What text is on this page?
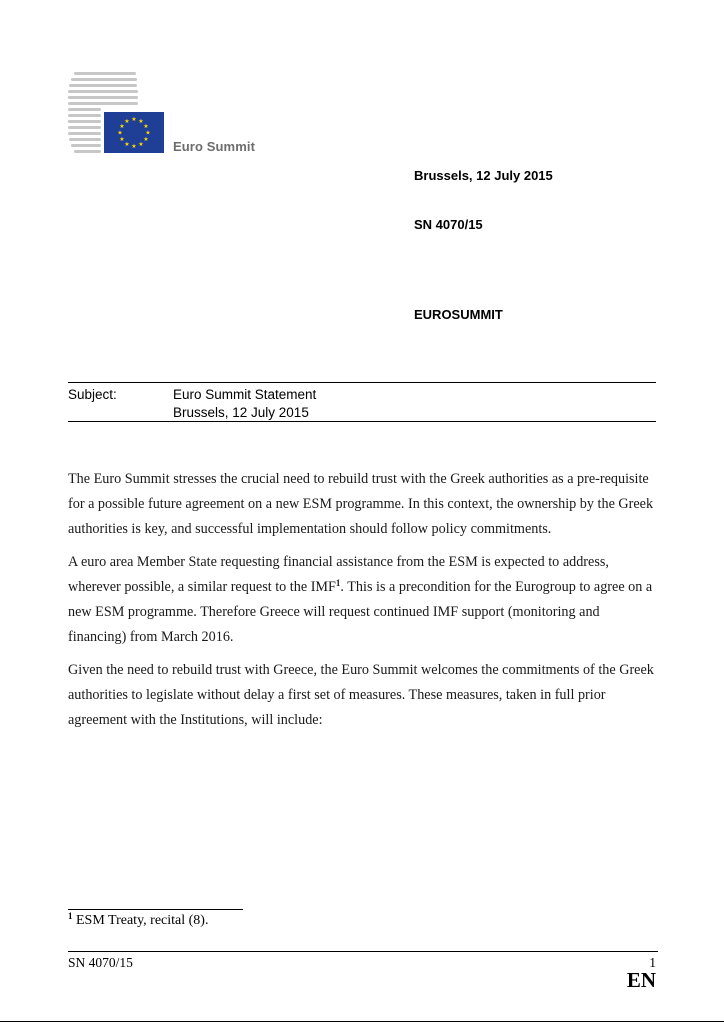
★ ★
★
★
★
★
★
★
★
★
★
★
Euro Summit
Brussels, 12 July 2015
SN 4070/15
EUROSUMMIT
Subject:	Euro Summit Statement
Brussels, 12 July 2015

The Euro Summit stresses the crucial need to rebuild trust with the Greek authorities as a pre-requisite for a possible future agreement on a new ESM programme. In this context, the ownership by the Greek authorities is key, and successful implementation should follow policy commitments.

A euro area Member State requesting financial assistance from the ESM is expected to address, wherever possible, a similar request to the IMF$^1$. This is a precondition for the Eurogroup to agree on a new ESM programme. Therefore Greece will request continued IMF support (monitoring and financing) from March 2016.

Given the need to rebuild trust with Greece, the Euro Summit welcomes the commitments of the Greek authorities to legislate without delay a first set of measures. These measures, taken in full prior agreement with the Institutions, will include:

$^1$ ESM Treaty, recital (8).
SN 4070/15	1
EN
